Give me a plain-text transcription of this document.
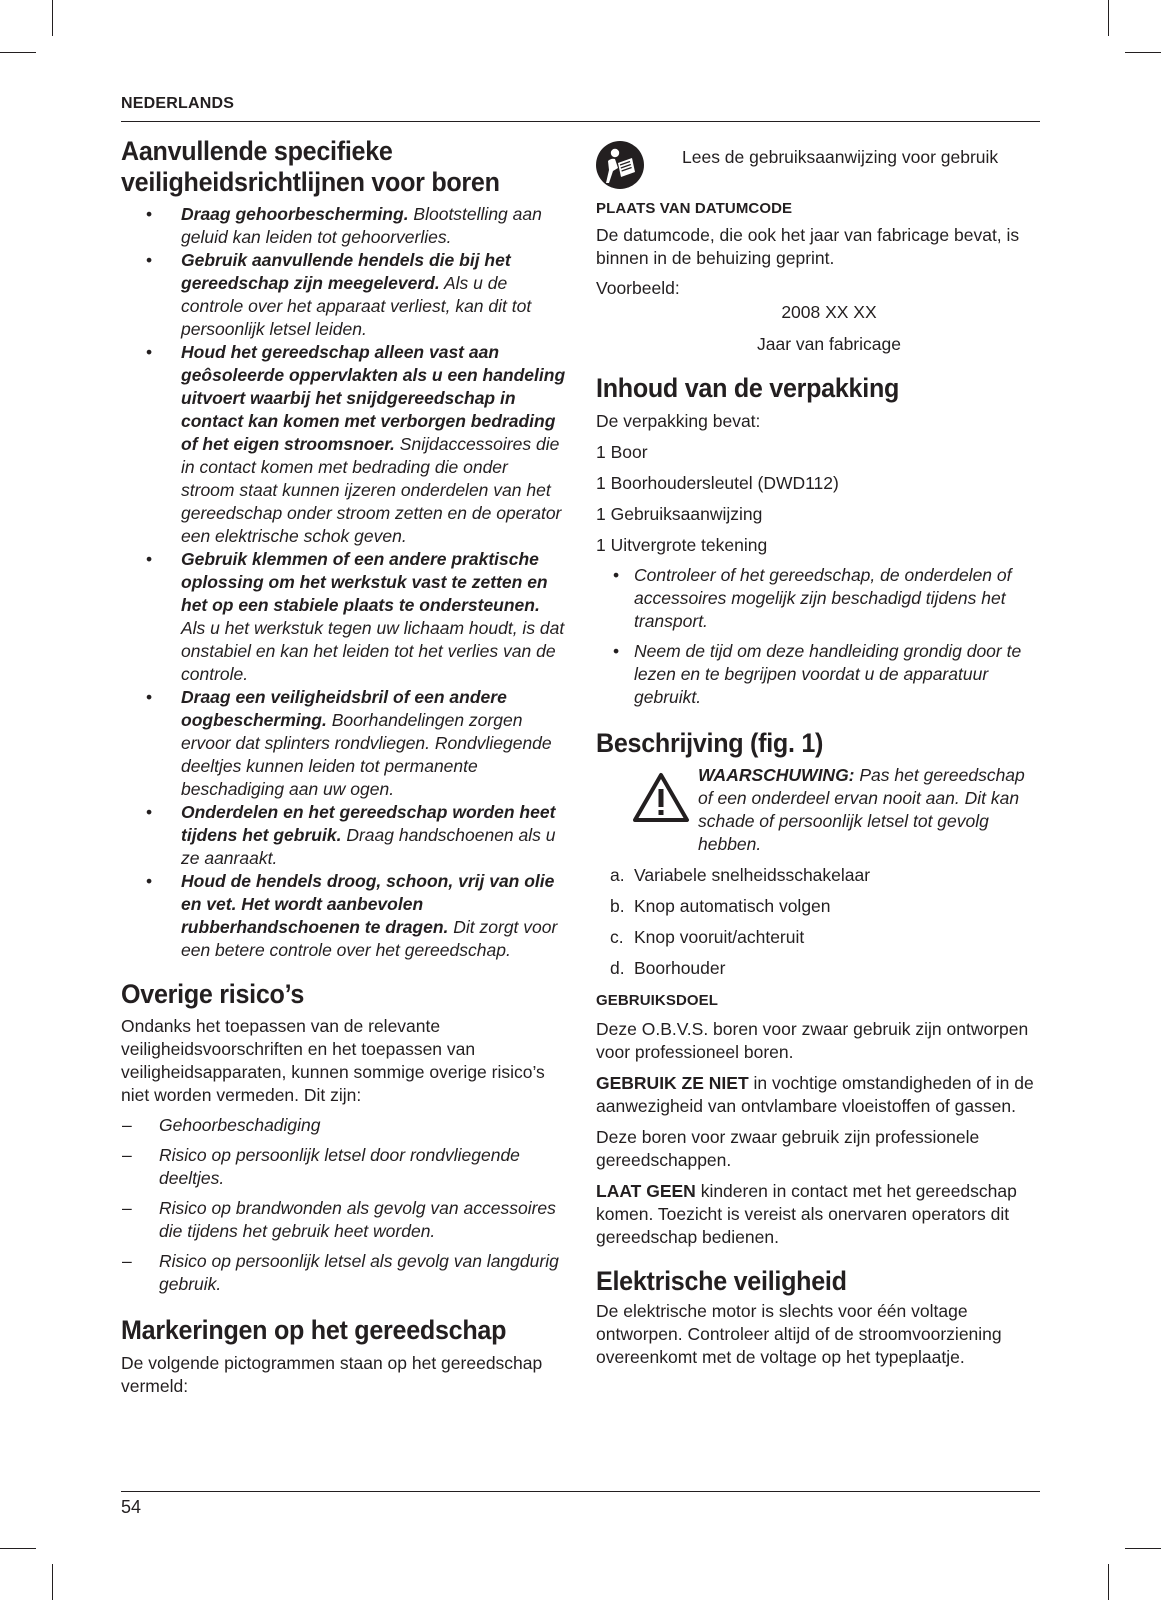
NEDERLANDS
Aanvullende specifieke veiligheidsrichtlijnen voor boren
• Draag gehoorbescherming. Blootstelling aan geluid kan leiden tot gehoorverlies.
• Gebruik aanvullende hendels die bij het gereedschap zijn meegeleverd. Als u de controle over het apparaat verliest, kan dit tot persoonlijk letsel leiden.
• Houd het gereedschap alleen vast aan geôsoleerde oppervlakten als u een handeling uitvoert waarbij het snijdgereedschap in contact kan komen met verborgen bedrading of het eigen stroomsnoer. Snijdaccessoires die in contact komen met bedrading die onder stroom staat kunnen ijzeren onderdelen van het gereedschap onder stroom zetten en de operator een elektrische schok geven.
• Gebruik klemmen of een andere praktische oplossing om het werkstuk vast te zetten en het op een stabiele plaats te ondersteunen. Als u het werkstuk tegen uw lichaam houdt, is dat onstabiel en kan het leiden tot het verlies van de controle.
• Draag een veiligheidsbril of een andere oogbescherming. Boorhandelingen zorgen ervoor dat splinters rondvliegen. Rondvliegende deeltjes kunnen leiden tot permanente beschadiging aan uw ogen.
• Onderdelen en het gereedschap worden heet tijdens het gebruik. Draag handschoenen als u ze aanraakt.
• Houd de hendels droog, schoon, vrij van olie en vet. Het wordt aanbevolen rubberhandschoenen te dragen. Dit zorgt voor een betere controle over het gereedschap.
Overige risico’s

Ondanks het toepassen van de relevante veiligheidsvoorschriften en het toepassen van veiligheidsapparaten, kunnen sommige overige risico’s niet worden vermeden. Dit zijn:

– Gehoorbeschadiging
– Risico op persoonlijk letsel door rondvliegende deeltjes.
– Risico op brandwonden als gevolg van accessoires die tijdens het gebruik heet worden.
– Risico op persoonlijk letsel als gevolg van langdurig gebruik.
Markeringen op het gereedschap

De volgende pictogrammen staan op het gereedschap vermeld:

Lees de gebruiksaanwijzing voor gebruik

PLAATS VAN DATUMCODE

De datumcode, die ook het jaar van fabricage bevat, is binnen in de behuizing geprint.

Voorbeeld:

2008 XX XX

Jaar van fabricage

Inhoud van de verpakking

De verpakking bevat:

1 Boor

1 Boorhoudersleutel (DWD112)

1 Gebruiksaanwijzing

1 Uitvergrote tekening

• Controleer of het gereedschap, de onderdelen of accessoires mogelijk zijn beschadigd tijdens het transport.
• Neem de tijd om deze handleiding grondig door te lezen en te begrijpen voordat u de apparatuur gebruikt.
Beschrijving (fig. 1)

WAARSCHUWING: Pas het gereedschap of een onderdeel ervan nooit aan. Dit kan schade of persoonlijk letsel tot gevolg hebben.

a. Variabele snelheidsschakelaar
b. Knop automatisch volgen
c. Knop vooruit/achteruit
d. Boorhouder
GEBRUIKSDOEL

Deze O.B.V.S. boren voor zwaar gebruik zijn ontworpen voor professioneel boren.

GEBRUIK ZE NIET in vochtige omstandigheden of in de aanwezigheid van ontvlambare vloeistoffen of gassen.

Deze boren voor zwaar gebruik zijn professionele gereedschappen.

LAAT GEEN kinderen in contact met het gereedschap komen. Toezicht is vereist als onervaren operators dit gereedschap bedienen.

Elektrische veiligheid

De elektrische motor is slechts voor één voltage ontworpen. Controleer altijd of de stroomvoorziening overeenkomt met de voltage op het typeplaatje.

54
